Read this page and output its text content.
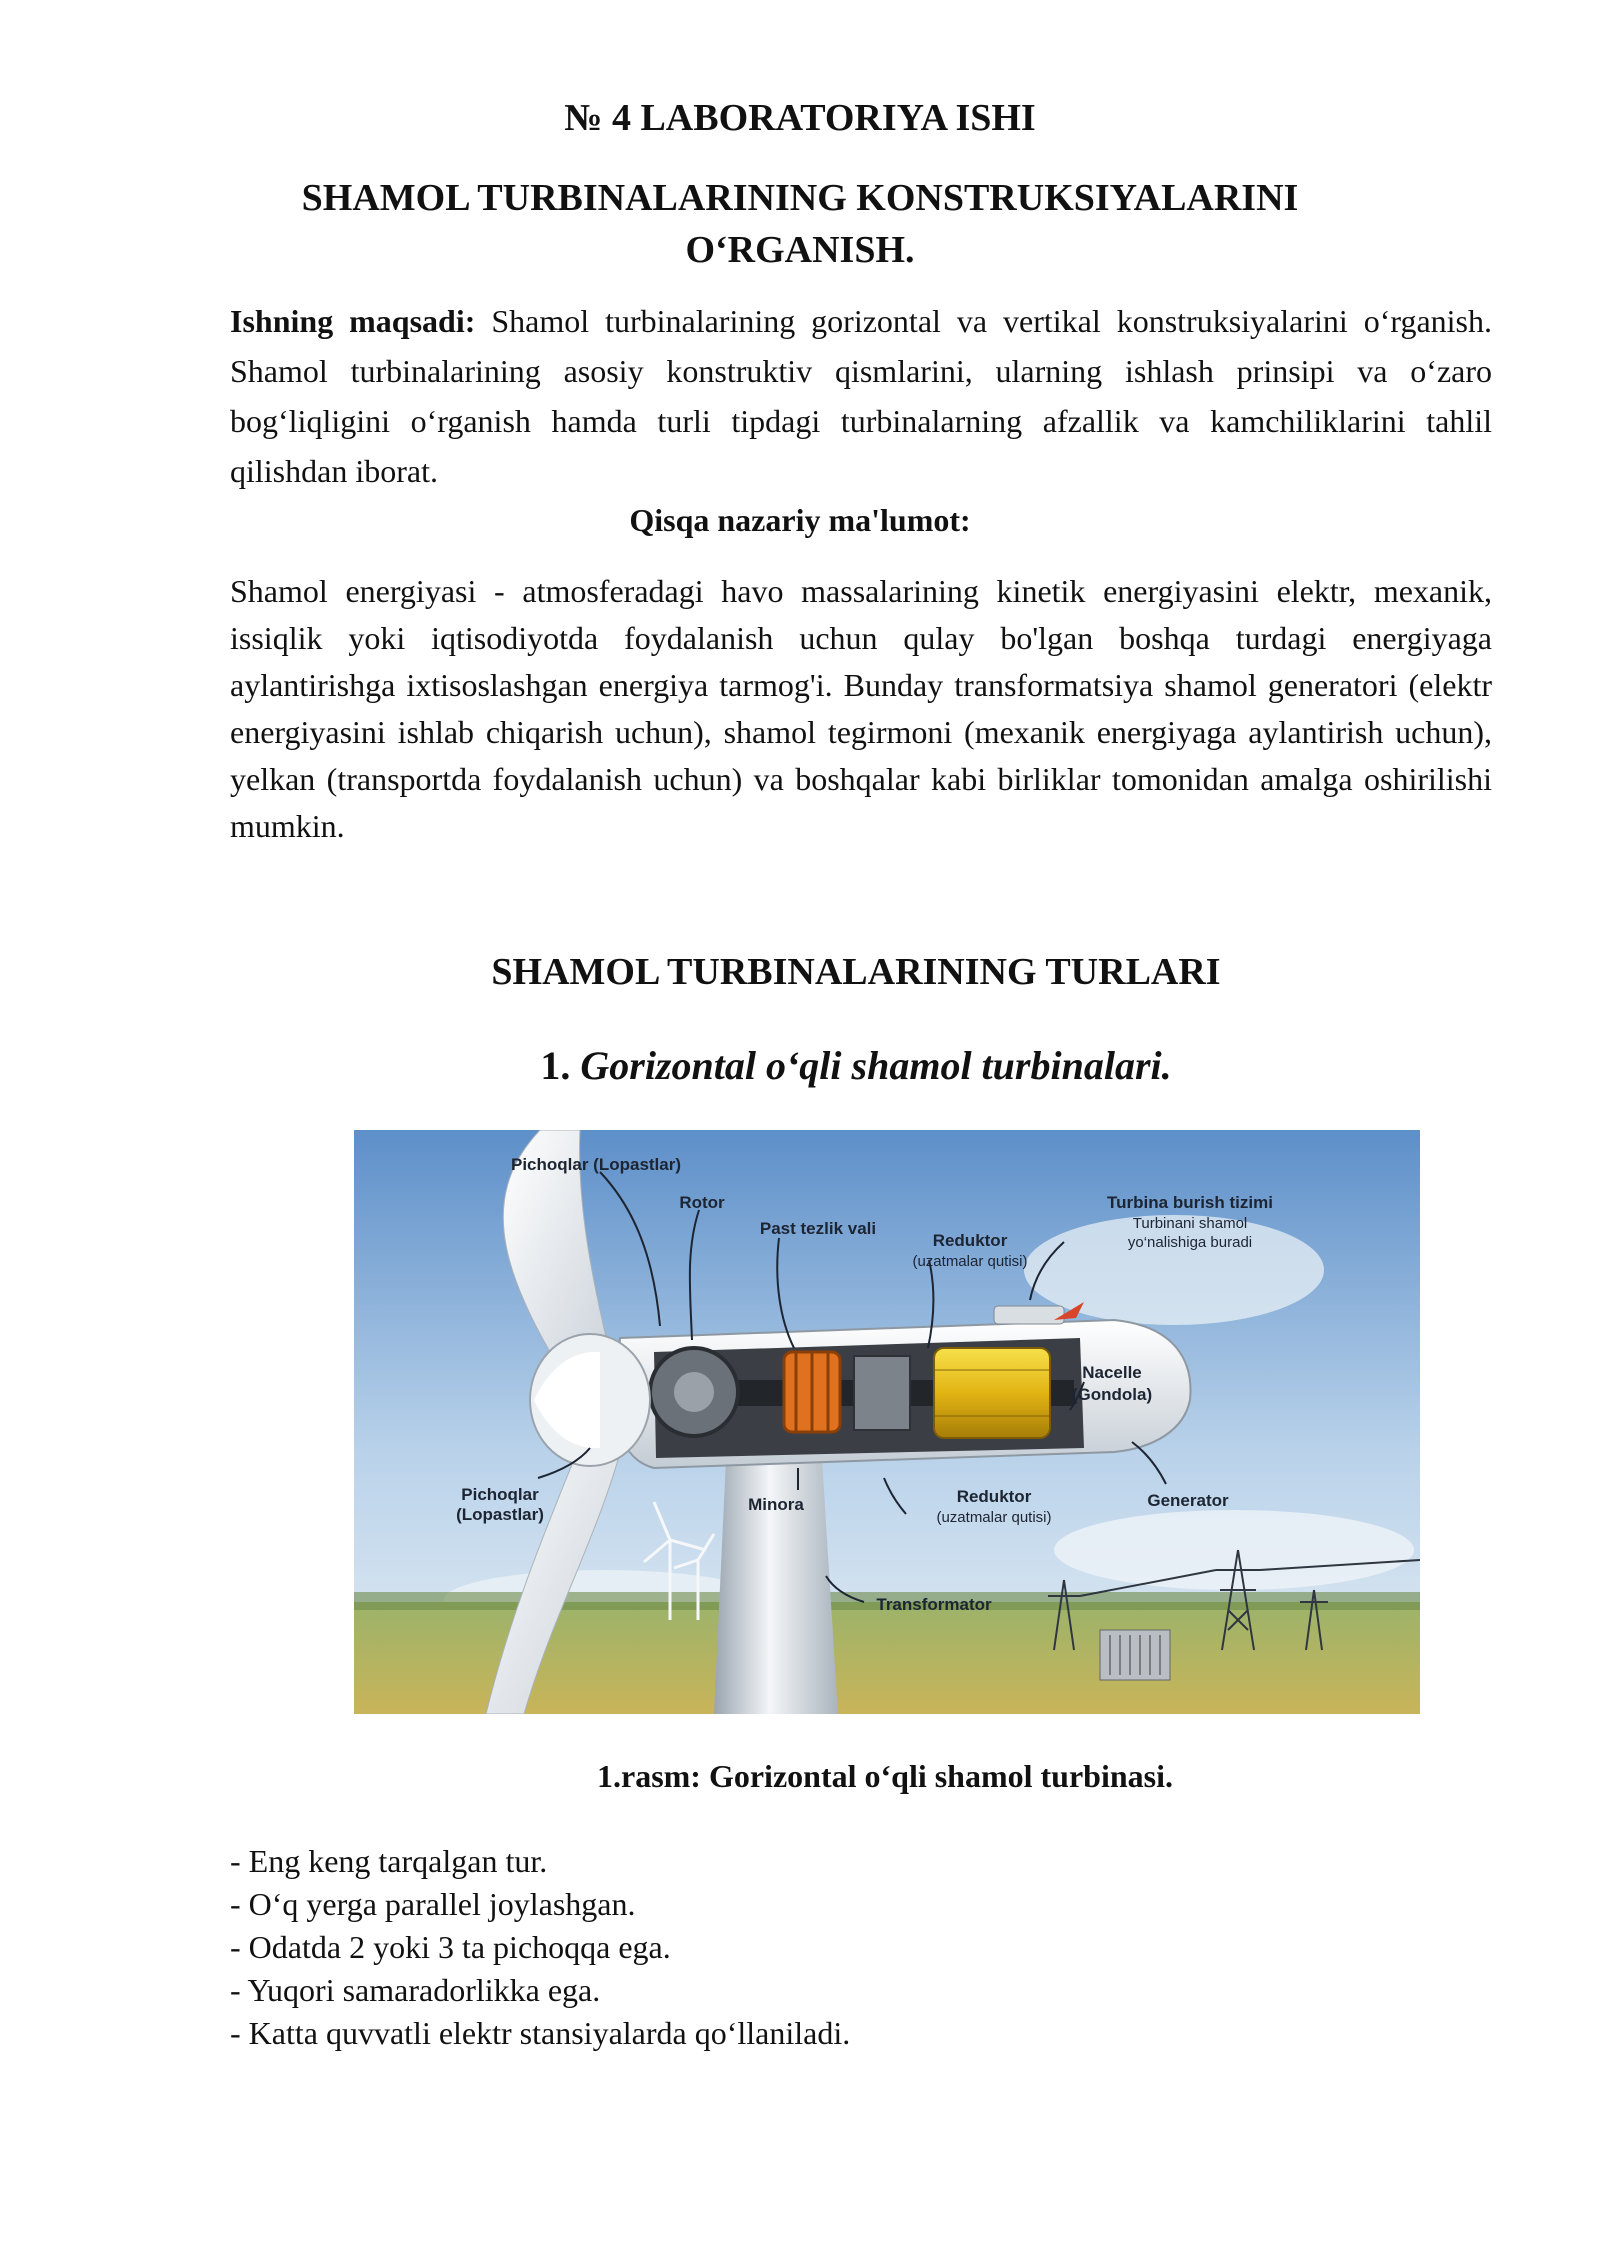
№ 4 LABORATORIYA ISHI
SHAMOL TURBINALARINING KONSTRUKSIYALARINI O‘RGANISH.

Ishning maqsadi: Shamol turbinalarining gorizontal va vertikal konstruksiyalarini o‘rganish. Shamol turbinalarining asosiy konstruktiv qismlarini, ularning ishlash prinsipi va o‘zaro bog‘liqligini o‘rganish hamda turli tipdagi turbinalarning afzallik va kamchiliklarini tahlil qilishdan iborat.

Qisqa nazariy ma'lumot:

Shamol energiyasi - atmosferadagi havo massalarining kinetik energiyasini elektr, mexanik, issiqlik yoki iqtisodiyotda foydalanish uchun qulay bo'lgan boshqa turdagi energiyaga aylantirishga ixtisoslashgan energiya tarmog'i. Bunday transformatsiya shamol generatori (elektr energiyasini ishlab chiqarish uchun), shamol tegirmoni (mexanik energiyaga aylantirish uchun), yelkan (transportda foydalanish uchun) va boshqalar kabi birliklar tomonidan amalga oshirilishi mumkin.

SHAMOL TURBINALARINING TURLARI
1. Gorizontal o‘qli shamol turbinalari.
Pichoqlar (Lopastlar)
Rotor
Past tezlik vali
Reduktor
(uzatmalar qutisi)
Turbina burish tizimi
Turbinani shamol
yo‘nalishiga buradi
Nacelle
(Gondola)
Pichoqlar
(Lopastlar)
Minora	Reduktor
(uzatmalar qutisi)
Generator
Transformator
1.rasm: Gorizontal o‘qli shamol turbinasi.
- Eng keng tarqalgan tur.
- O‘q yerga parallel joylashgan.
- Odatda 2 yoki 3 ta pichoqqa ega.
- Yuqori samaradorlikka ega.
- Katta quvvatli elektr stansiyalarda qo‘llaniladi.
